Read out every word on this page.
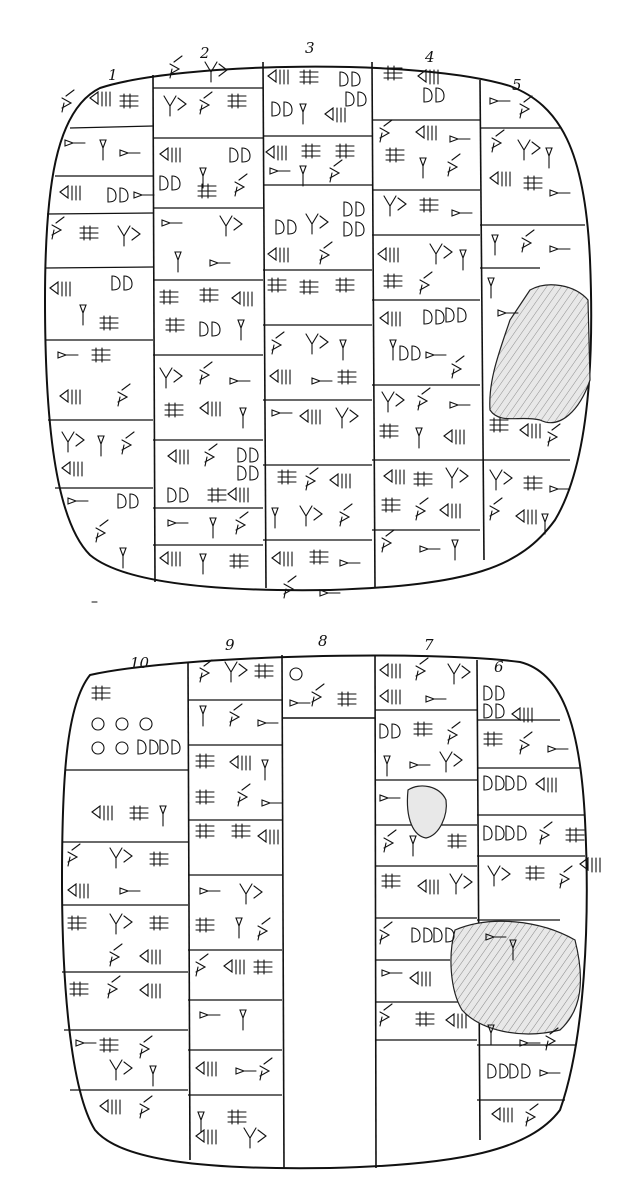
1
2	3	4
5
10
9	8	7
6
